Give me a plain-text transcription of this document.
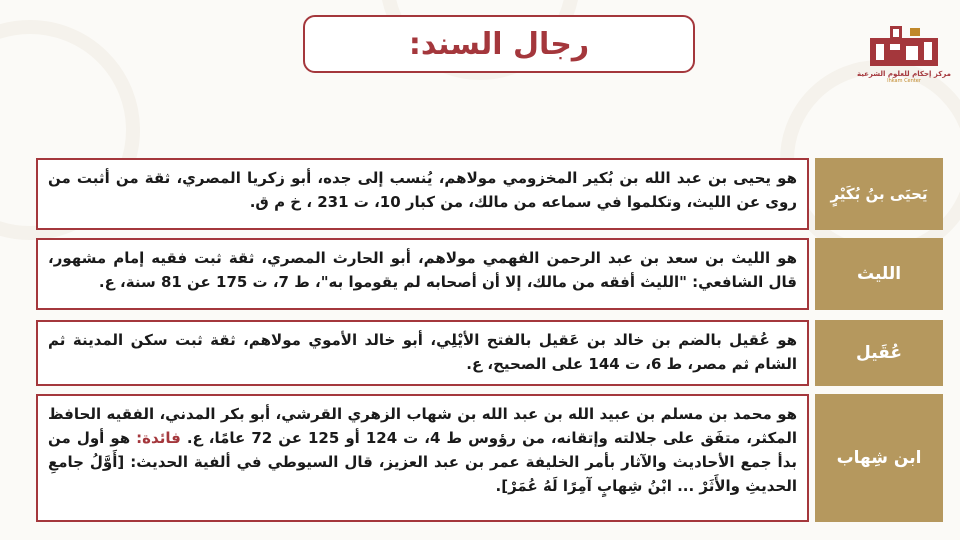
رجال السند:
مركز إحكام للعلوم الشرعية
Ihkam Center
هو يحيى بن عبد الله بن بُكير المخزومي مولاهم، يُنسب إلى جده، أبو زكريا المصري، ثقة من أثبت من روى عن الليث، وتكلموا في سماعه من مالك، من كبار 10، ت 231 ، خ م ق.	يَحيَى بنُ بُكَيْرٍ
هو الليث بن سعد بن عبد الرحمن الفهمي مولاهم، أبو الحارث المصري، ثقة ثبت فقيه إمام مشهور، قال الشافعي: "الليث أفقه من مالك، إلا أن أصحابه لم يقوموا به"، ط 7، ت 175 عن 81 سنة، ع.	الليث
هو عُقيل بالضم بن خالد بن عَقيل بالفتح الأيْلِي، أبو خالد الأموي مولاهم، ثقة ثبت سكن المدينة ثم الشام ثم مصر، ط 6، ت 144 على الصحيح، ع.
عُقَيل
هو محمد بن مسلم بن عبيد الله بن عبد الله بن شهاب الزهري القرشي، أبو بكر المدني، الفقيه الحافظ المكثر، متفَق على جلالته وإتقانه، من رؤوس ط 4، ت 124 أو 125 عن 72 عامًا، ع. فائدة: هو أول من بدأ جمع الأحاديث والآثار بأمر الخليفة عمر بن عبد العزيز، قال السيوطي في ألفية الحديث: [أَوَّلُ جامعِ الحديثِ والأَثَرْ ... ابْنُ شِهابٍ آمِرًا لَهُ عُمَرْ].
ابن شِهاب
